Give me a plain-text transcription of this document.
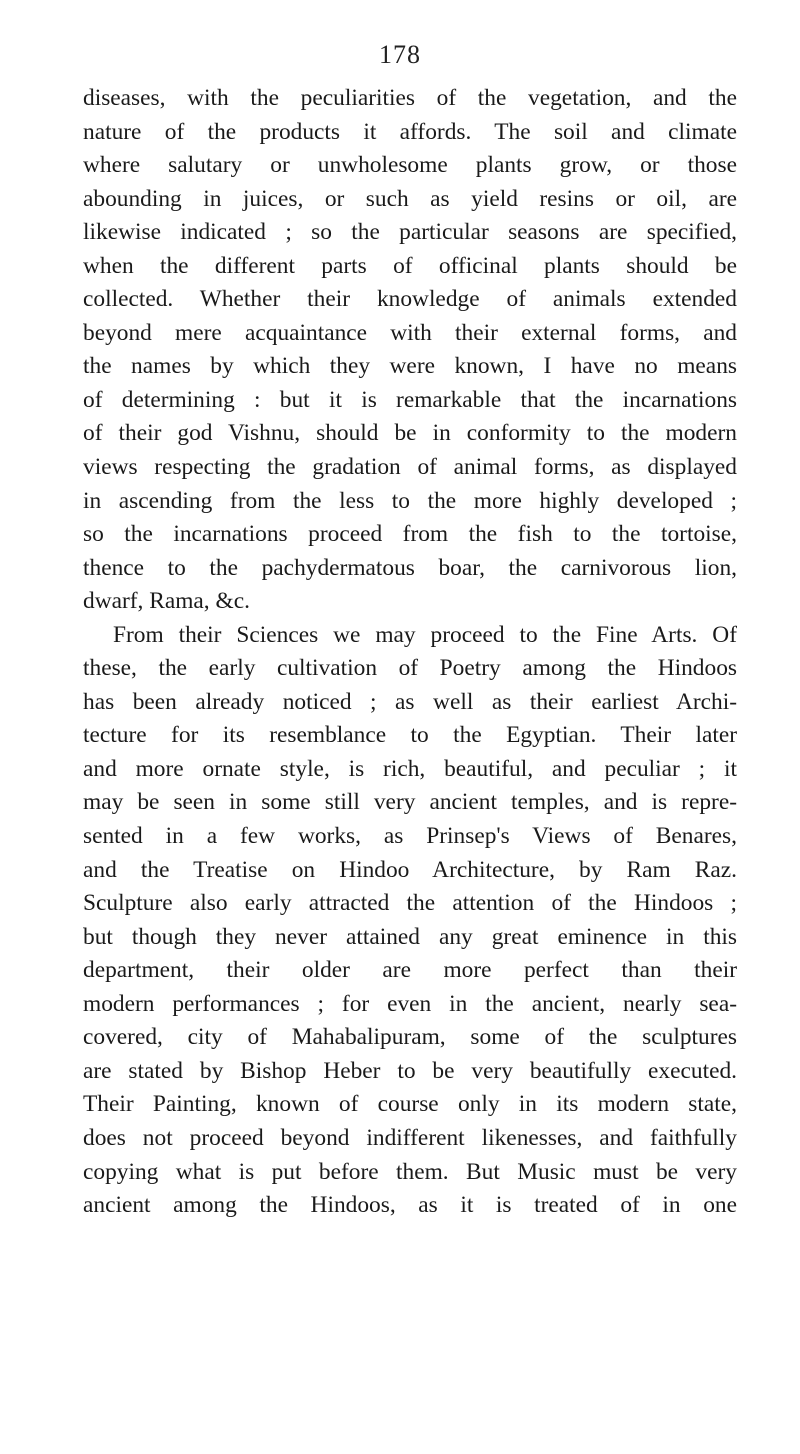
178
diseases, with the peculiarities of the vegetation, and the
nature of the products it affords. The soil and climate
where salutary or unwholesome plants grow, or those
abounding in juices, or such as yield resins or oil, are
likewise indicated ; so the particular seasons are specified,
when the different parts of officinal plants should be
collected. Whether their knowledge of animals extended
beyond mere acquaintance with their external forms, and
the names by which they were known, I have no means
of determining : but it is remarkable that the incarnations
of their god Vishnu, should be in conformity to the modern
views respecting the gradation of animal forms, as displayed
in ascending from the less to the more highly developed ;
so the incarnations proceed from the fish to the tortoise,
thence to the pachydermatous boar, the carnivorous lion,
dwarf, Rama, &c.
From their Sciences we may proceed to the Fine Arts. Of
these, the early cultivation of Poetry among the Hindoos
has been already noticed ; as well as their earliest Archi-
tecture for its resemblance to the Egyptian. Their later
and more ornate style, is rich, beautiful, and peculiar ; it
may be seen in some still very ancient temples, and is repre-
sented in a few works, as Prinsep's Views of Benares,
and the Treatise on Hindoo Architecture, by Ram Raz.
Sculpture also early attracted the attention of the Hindoos ;
but though they never attained any great eminence in this
department, their older are more perfect than their
modern performances ; for even in the ancient, nearly sea-
covered, city of Mahabalipuram, some of the sculptures
are stated by Bishop Heber to be very beautifully executed.
Their Painting, known of course only in its modern state,
does not proceed beyond indifferent likenesses, and faithfully
copying what is put before them. But Music must be very
ancient among the Hindoos, as it is treated of in one
